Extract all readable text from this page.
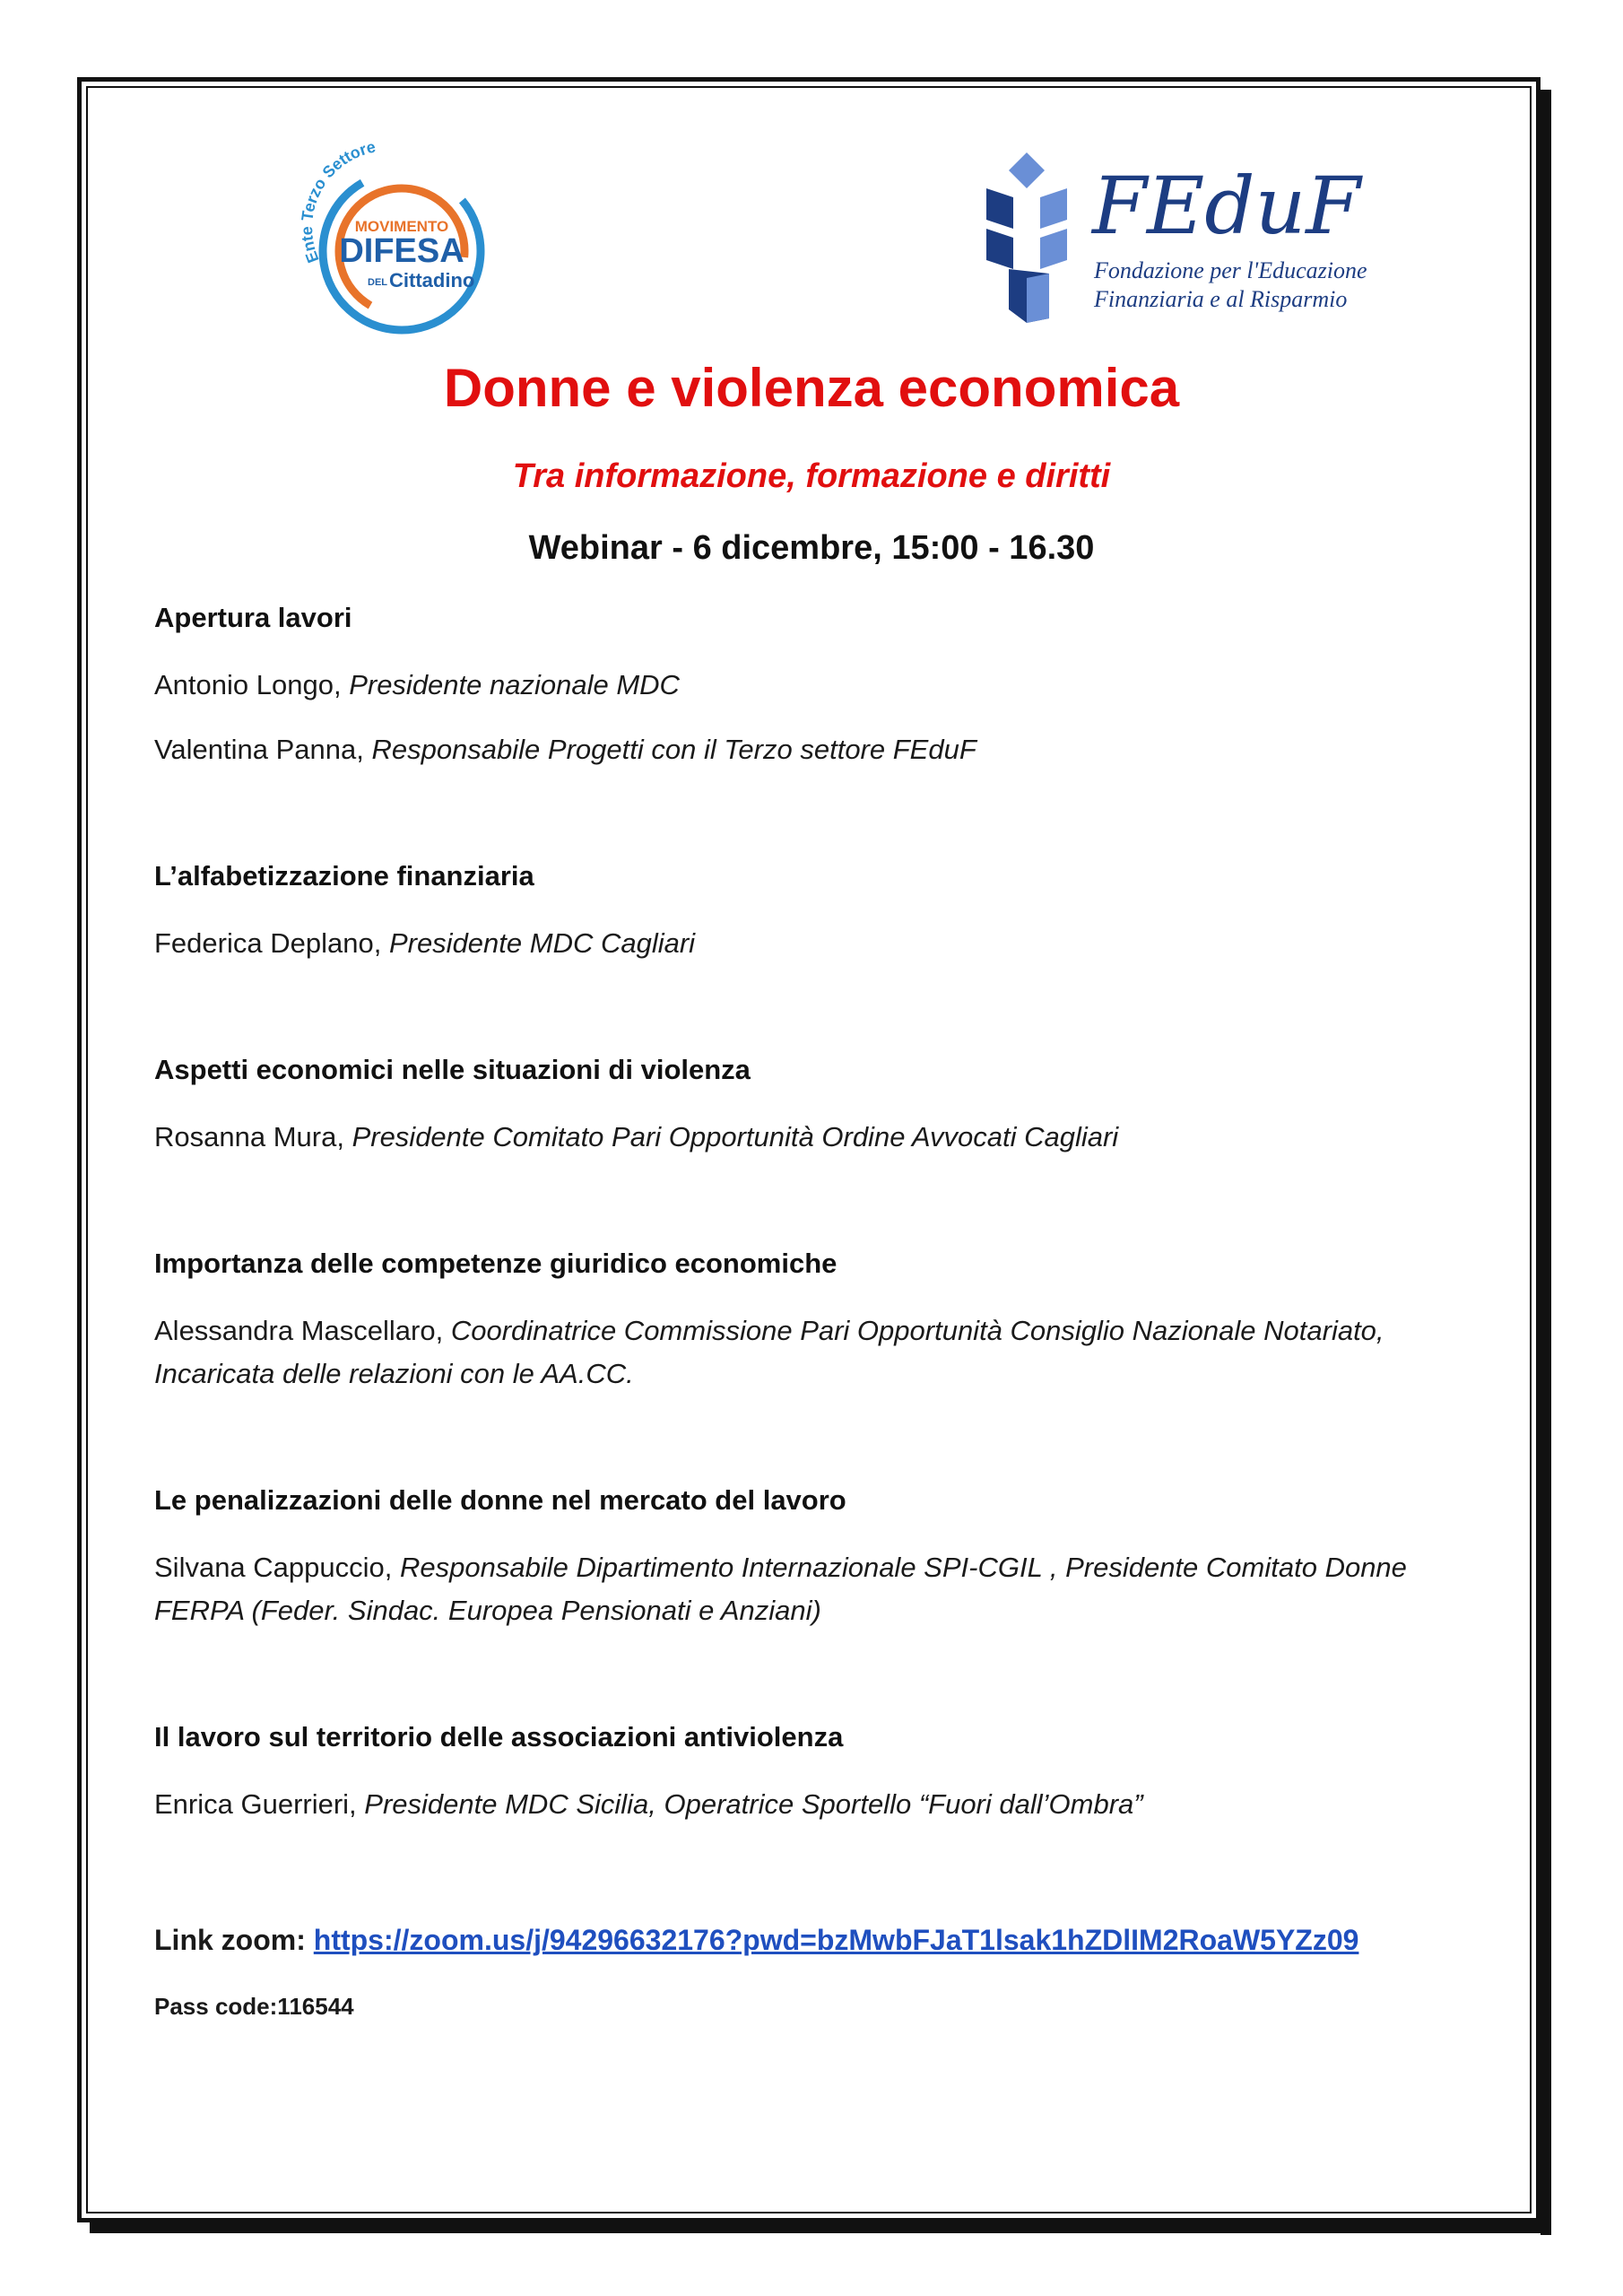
Ente Terzo Settore
MOVIMENTO
DIFESA
DEL Cittadino
FEduF
Fondazione per l'Educazione
Finanziaria e al Risparmio
Donne e violenza economica
Tra informazione, formazione e diritti
Webinar - 6 dicembre, 15:00 - 16.30
Apertura lavori
Antonio Longo, Presidente nazionale MDC
Valentina Panna, Responsabile Progetti con il Terzo settore FEduF
L’alfabetizzazione finanziaria
Federica Deplano, Presidente MDC Cagliari
Aspetti economici nelle situazioni di violenza
Rosanna Mura, Presidente Comitato Pari Opportunità Ordine Avvocati Cagliari
Importanza delle competenze giuridico economiche
Alessandra Mascellaro, Coordinatrice Commissione Pari Opportunità Consiglio Nazionale Notariato, Incaricata delle relazioni con le AA.CC.
Le penalizzazioni delle donne nel mercato del lavoro
Silvana Cappuccio, Responsabile Dipartimento Internazionale SPI-CGIL , Presidente Comitato Donne FERPA (Feder. Sindac. Europea Pensionati e Anziani)
Il lavoro sul territorio delle associazioni antiviolenza
Enrica Guerrieri, Presidente MDC Sicilia, Operatrice Sportello “Fuori dall’Ombra”
Link zoom: https://zoom.us/j/94296632176?pwd=bzMwbFJaT1lsak1hZDlIM2RoaW5YZz09
Pass code:116544
